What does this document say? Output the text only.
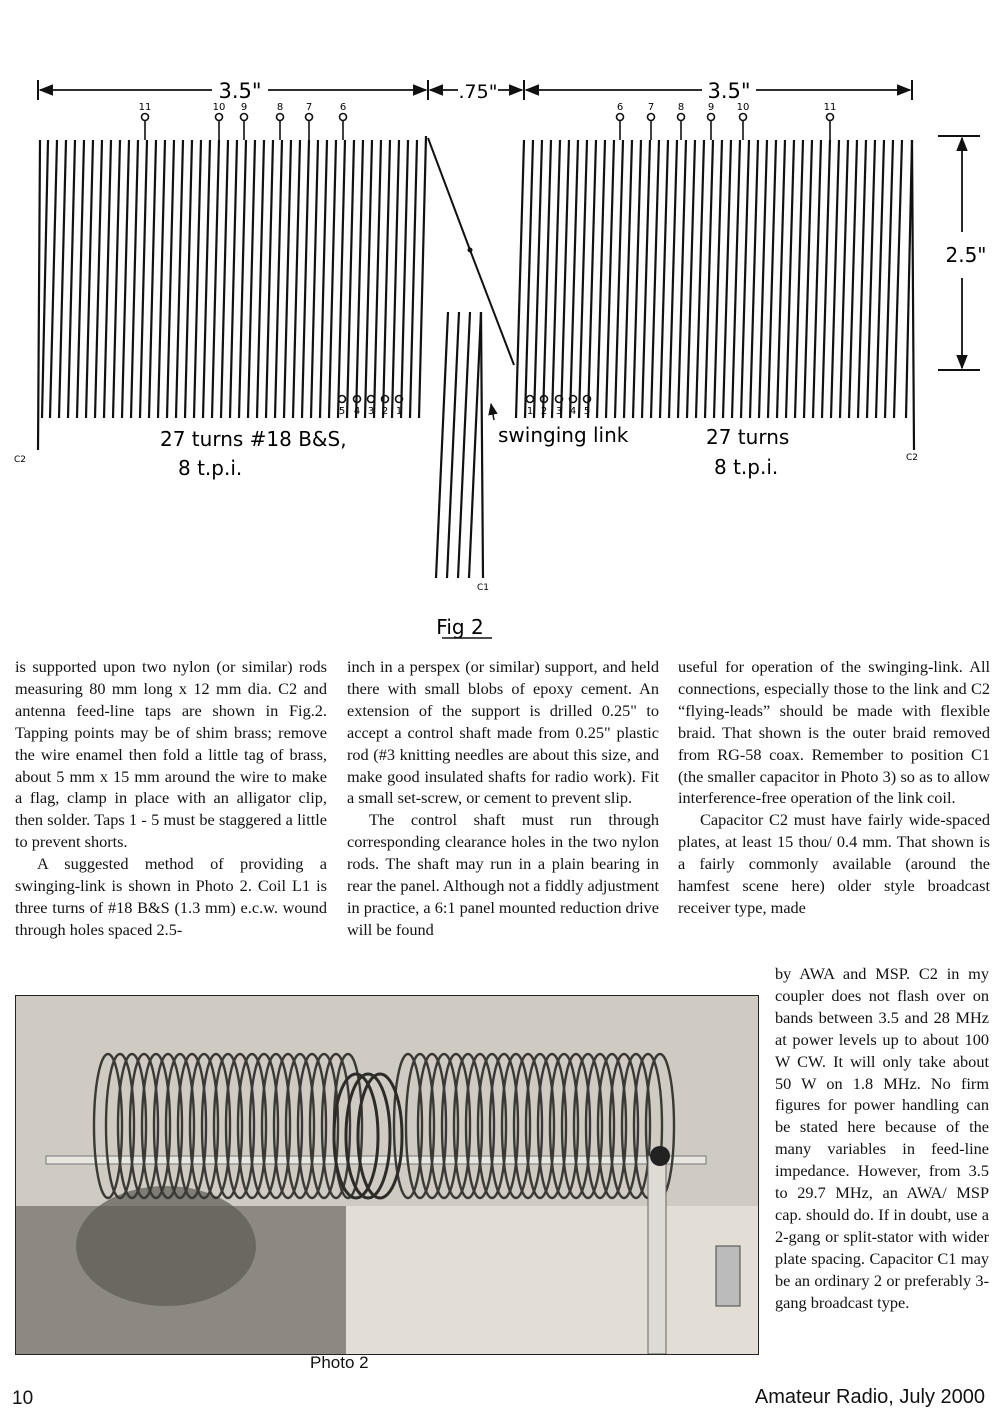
3.5"	.75"	3.5"
2.5"
11	10 9	8 7	6	6 7 8 9 10	11
5 4 3 2 1	1 2 3 4 5
C2	C2
C1
27 turns #18 B&S,
8 t.p.i.
swinging link	27 turns
8 t.p.i.
Fig 2

is supported upon two nylon (or similar) rods measuring 80 mm long x 12 mm dia. C2 and antenna feed-line taps are shown in Fig.2. Tapping points may be of shim brass; remove the wire enamel then fold a little tag of brass, about 5 mm x 15 mm around the wire to make a flag, clamp in place with an alligator clip, then solder. Taps 1 - 5 must be staggered a little to prevent shorts.

A suggested method of providing a swinging-link is shown in Photo 2. Coil L1 is three turns of #18 B&S (1.3 mm) e.c.w. wound through holes spaced 2.5-

inch in a perspex (or similar) support, and held there with small blobs of epoxy cement. An extension of the support is drilled 0.25" to accept a control shaft made from 0.25" plastic rod (#3 knitting needles are about this size, and make good insulated shafts for radio work). Fit a small set-screw, or cement to prevent slip.

The control shaft must run through corresponding clearance holes in the two nylon rods. The shaft may run in a plain bearing in rear the panel. Although not a fiddly adjustment in practice, a 6:1 panel mounted reduction drive will be found

useful for operation of the swinging-link. All connections, especially those to the link and C2 “flying-leads” should be made with flexible braid. That shown is the outer braid removed from RG-58 coax. Remember to position C1 (the smaller capacitor in Photo 3) so as to allow interference-free operation of the link coil.

Capacitor C2 must have fairly wide-spaced plates, at least 15 thou/ 0.4 mm. That shown is a fairly commonly available (around the hamfest scene here) older style broadcast receiver type, made

by AWA and MSP. C2 in my coupler does not flash over on bands between 3.5 and 28 MHz at power levels up to about 100 W CW. It will only take about 50 W on 1.8 MHz. No firm figures for power handling can be stated here because of the many variables in feed-line impedance. However, from 3.5 to 29.7 MHz, an AWA/ MSP cap. should do. If in doubt, use a 2-gang or split-stator with wider plate spacing. Capacitor C1 may be an ordinary 2 or preferably 3-gang broadcast type.

Photo 2
10	Amateur Radio, July 2000
